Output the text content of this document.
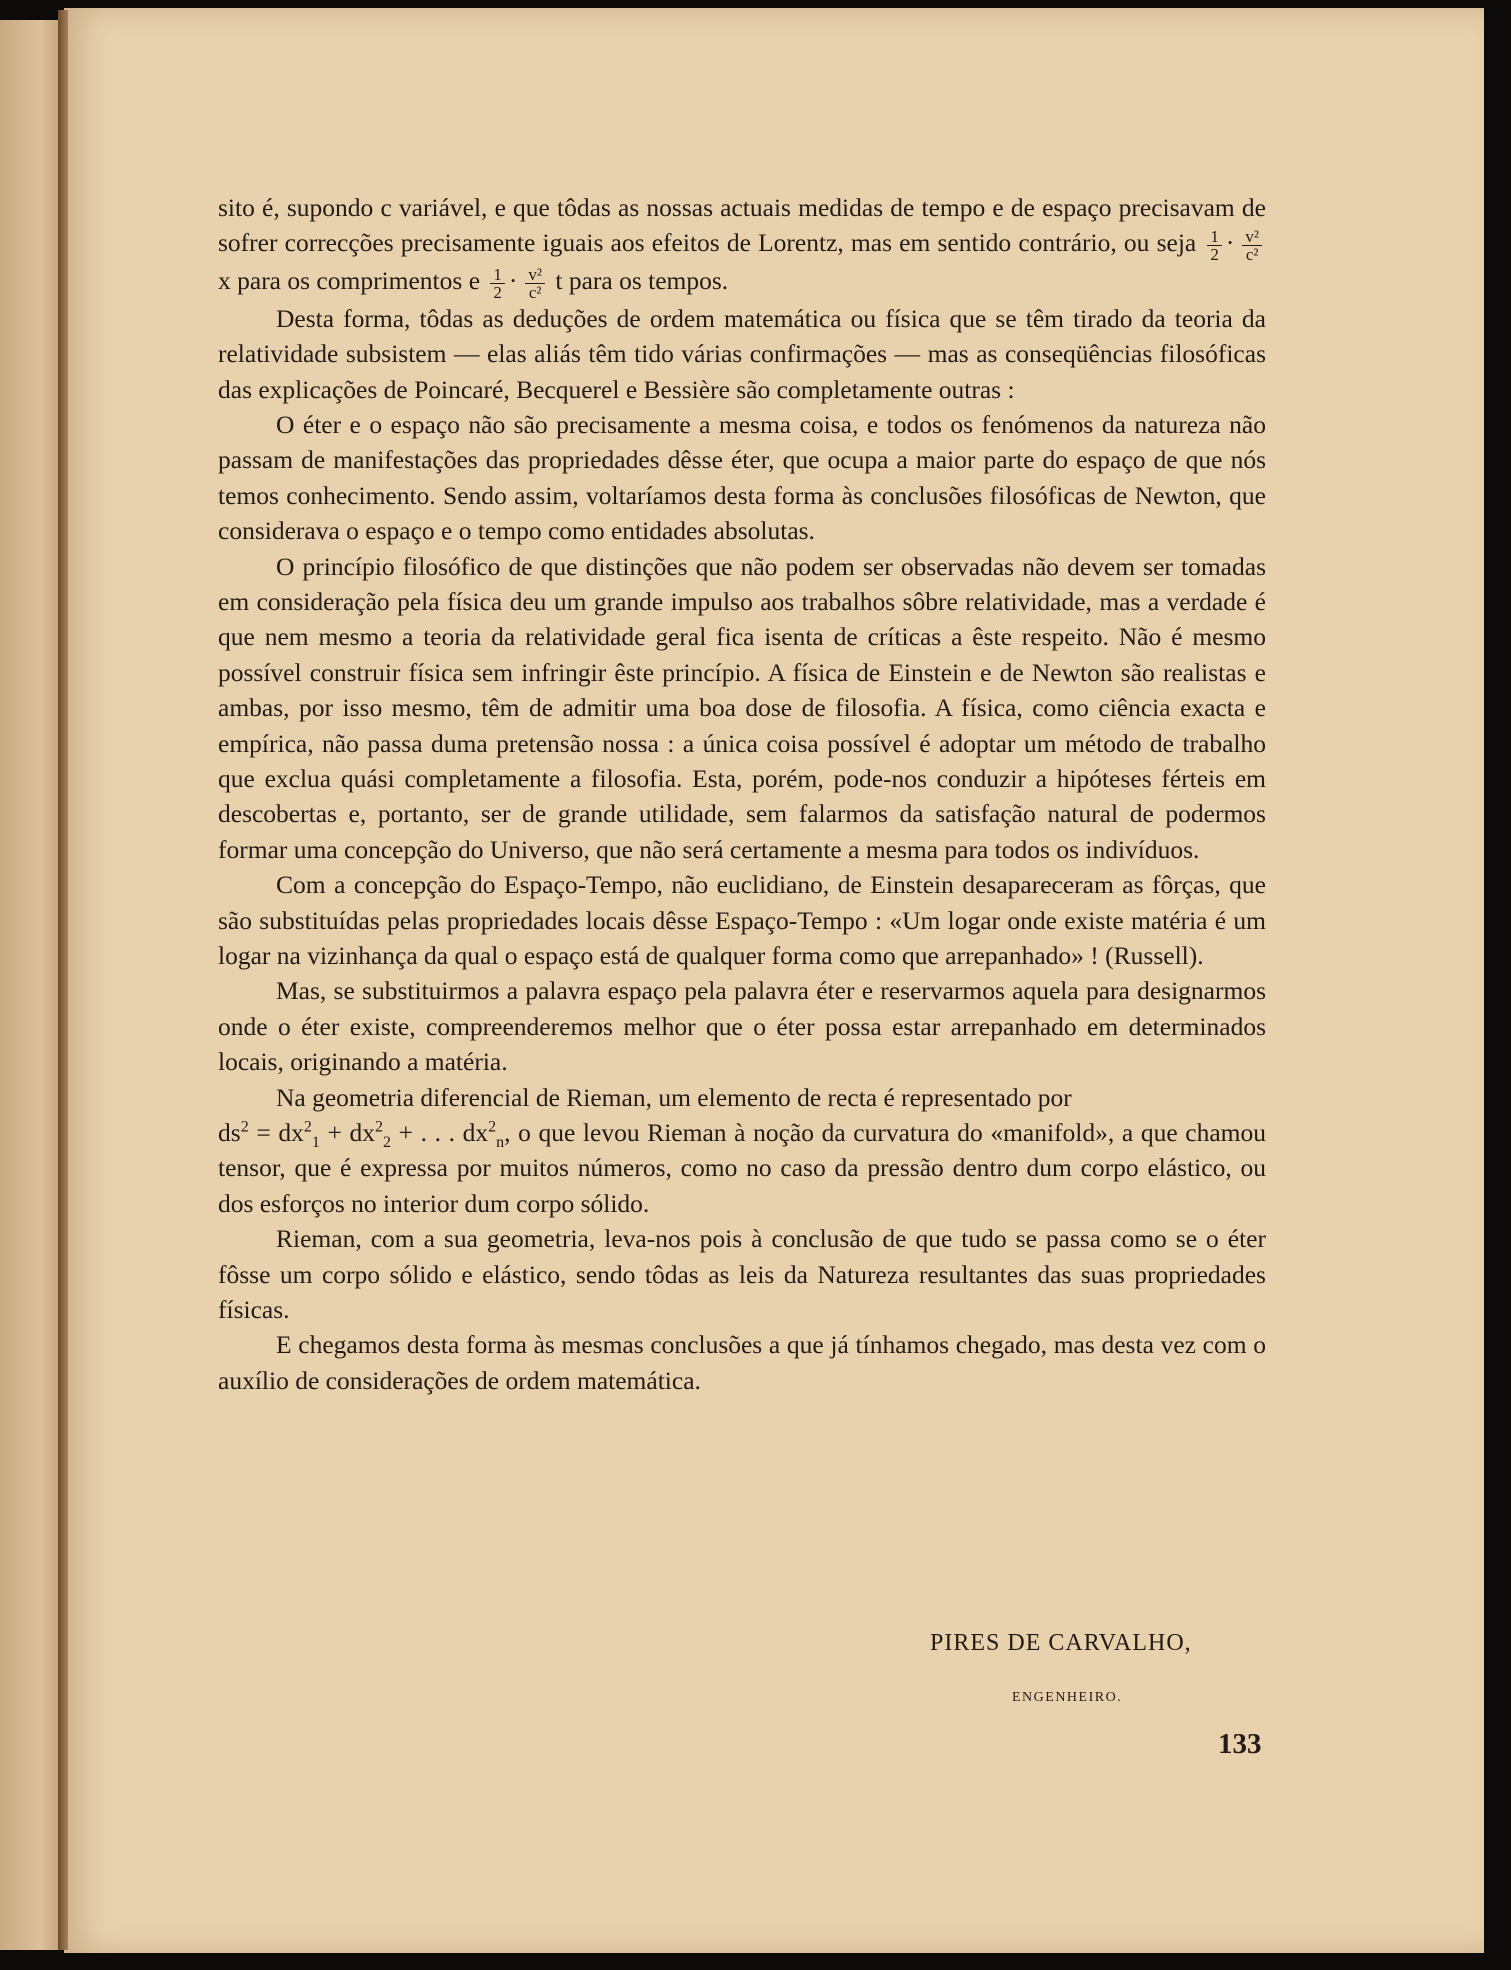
sito é, supondo c variável, e que tôdas as nossas actuais medidas de tempo e de espaço precisavam de sofrer correcções precisamente iguais aos efeitos de Lorentz, mas em sentido contrário, ou seja $\frac{1}{2} \cdot \frac{\text{v²}}{\text{c²}}$
x para os comprimentos e $\frac{1}{2} \cdot \frac{\text{v²}}{\text{c²}}$ t para os tempos.

Desta forma, tôdas as deduções de ordem matemática ou física que se têm tirado da teoria da relatividade subsistem — elas aliás têm tido várias confirmações — mas as conseqüências filosóficas das explicações de Poincaré, Becquerel e Bessière são completamente outras :

O éter e o espaço não são precisamente a mesma coisa, e todos os fenómenos da natureza não passam de manifestações das propriedades dêsse éter, que ocupa a maior parte do espaço de que nós temos conhecimento. Sendo assim, voltaríamos desta forma às conclusões filosóficas de Newton, que considerava o espaço e o tempo como entidades absolutas.

O princípio filosófico de que distinções que não podem ser observadas não devem ser tomadas em consideração pela física deu um grande impulso aos trabalhos sôbre relatividade, mas a verdade é que nem mesmo a teoria da relatividade geral fica isenta de críticas a êste respeito. Não é mesmo possível construir física sem infringir êste princípio. A física de Einstein e de Newton são realistas e ambas, por isso mesmo, têm de admitir uma boa dose de filosofia. A física, como ciência exacta e empírica, não passa duma pretensão nossa : a única coisa possível é adoptar um método de trabalho que exclua quási completamente a filosofia. Esta, porém, pode-nos conduzir a hipóteses férteis em descobertas e, portanto, ser de grande utilidade, sem falarmos da satisfação natural de podermos formar uma concepção do Universo, que não será certamente a mesma para todos os indivíduos.

Com a concepção do Espaço-Tempo, não euclidiano, de Einstein desapareceram as fôrças, que são substituídas pelas propriedades locais dêsse Espaço-Tempo : «Um logar onde existe matéria é um logar na vizinhança da qual o espaço está de qualquer forma como que arrepanhado» ! (Russell).

Mas, se substituirmos a palavra espaço pela palavra éter e reservarmos aquela para designarmos onde o éter existe, compreenderemos melhor que o éter possa estar arrepanhado em determinados locais, originando a matéria.

Na geometria diferencial de Rieman, um elemento de recta é representado por

$ds^2 = dx^2_1 + dx^2_2$ + . . . $dx^2_n$, o que levou Rieman à noção da curvatura do «manifold», a que chamou tensor, que é expressa por muitos números, como no caso da pressão dentro dum corpo elástico, ou dos esforços no interior dum corpo sólido.

Rieman, com a sua geometria, leva-nos pois à conclusão de que tudo se passa como se o éter fôsse um corpo sólido e elástico, sendo tôdas as leis da Natureza resultantes das suas propriedades físicas.

E chegamos desta forma às mesmas conclusões a que já tínhamos chegado, mas desta vez com o auxílio de considerações de ordem matemática.

PIRES DE CARVALHO,
ENGENHEIRO.
133
